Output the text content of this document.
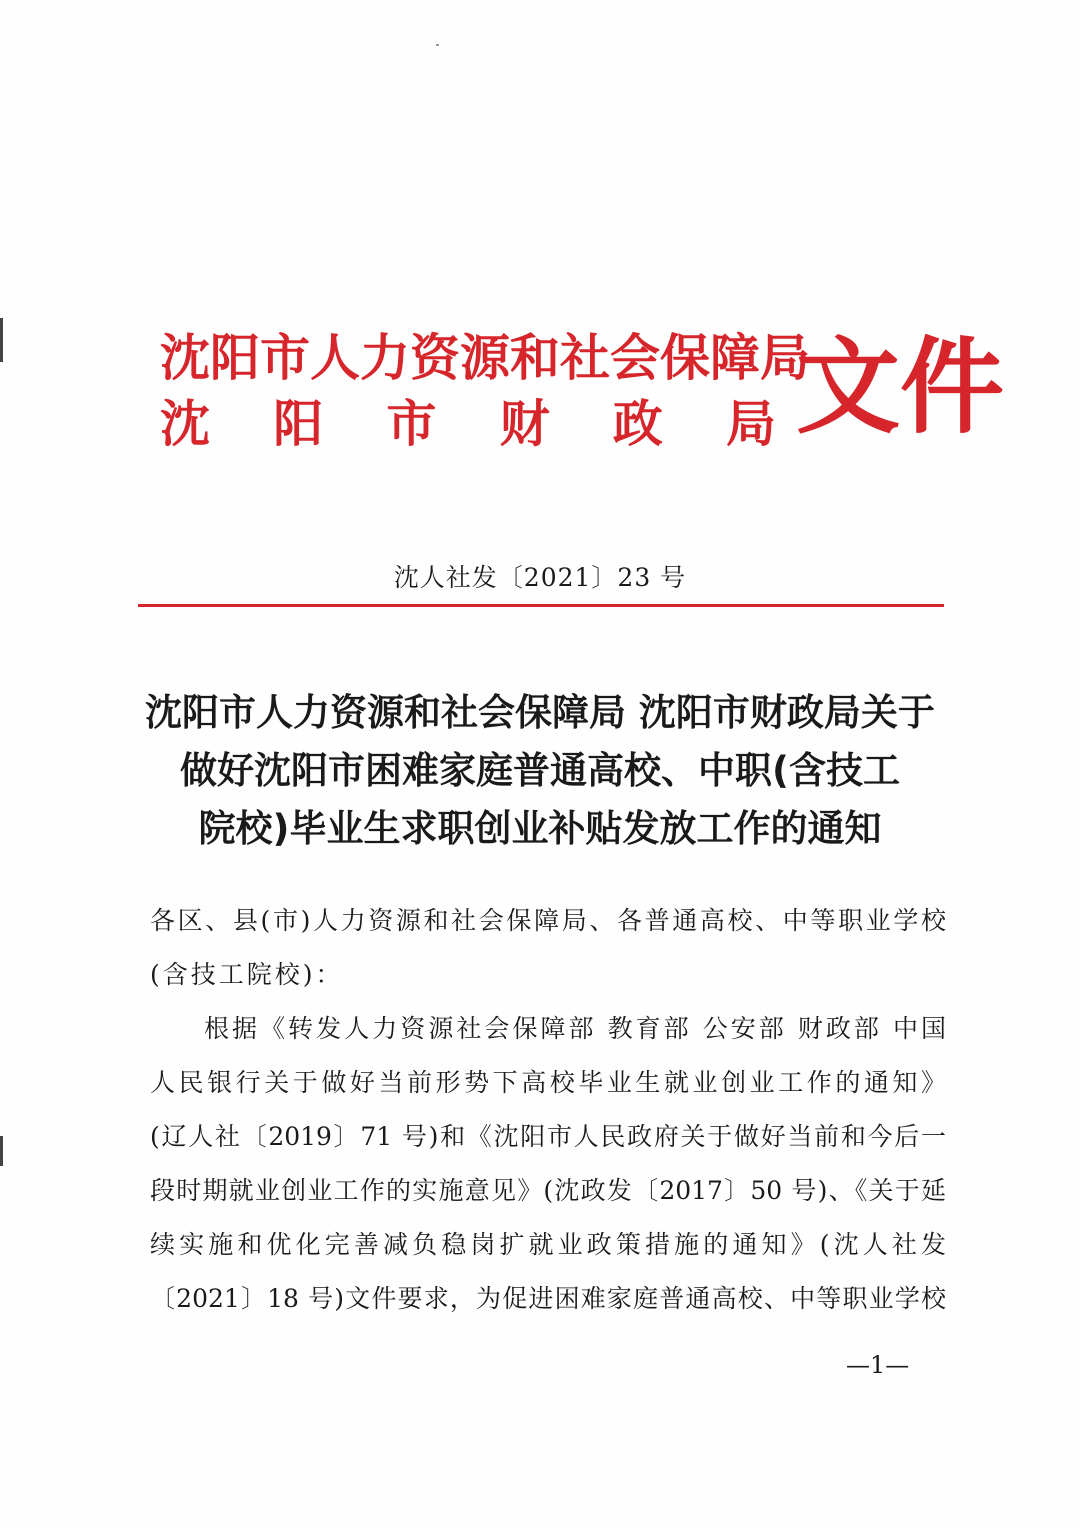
沈阳市人力资源和社会保障局
沈 阳 市 财 政 局 文件
沈人社发〔2021〕23 号
沈阳市人力资源和社会保障局 沈阳市财政局关于
做好沈阳市困难家庭普通高校、中职(含技工
院校)毕业生求职创业补贴发放工作的通知
各区、县(市)人力资源和社会保障局、各普通高校、中等职业学校
(含技工院校)：
根据《转发人力资源社会保障部 教育部 公安部 财政部 中国
人民银行关于做好当前形势下高校毕业生就业创业工作的通知》
(辽人社〔2019〕71 号)和《沈阳市人民政府关于做好当前和今后一
段时期就业创业工作的实施意见》(沈政发〔2017〕50 号)、《关于延
续实施和优化完善减负稳岗扩就业政策措施的通知》(沈人社发
〔2021〕18 号)文件要求，为促进困难家庭普通高校、中等职业学校
—1—
